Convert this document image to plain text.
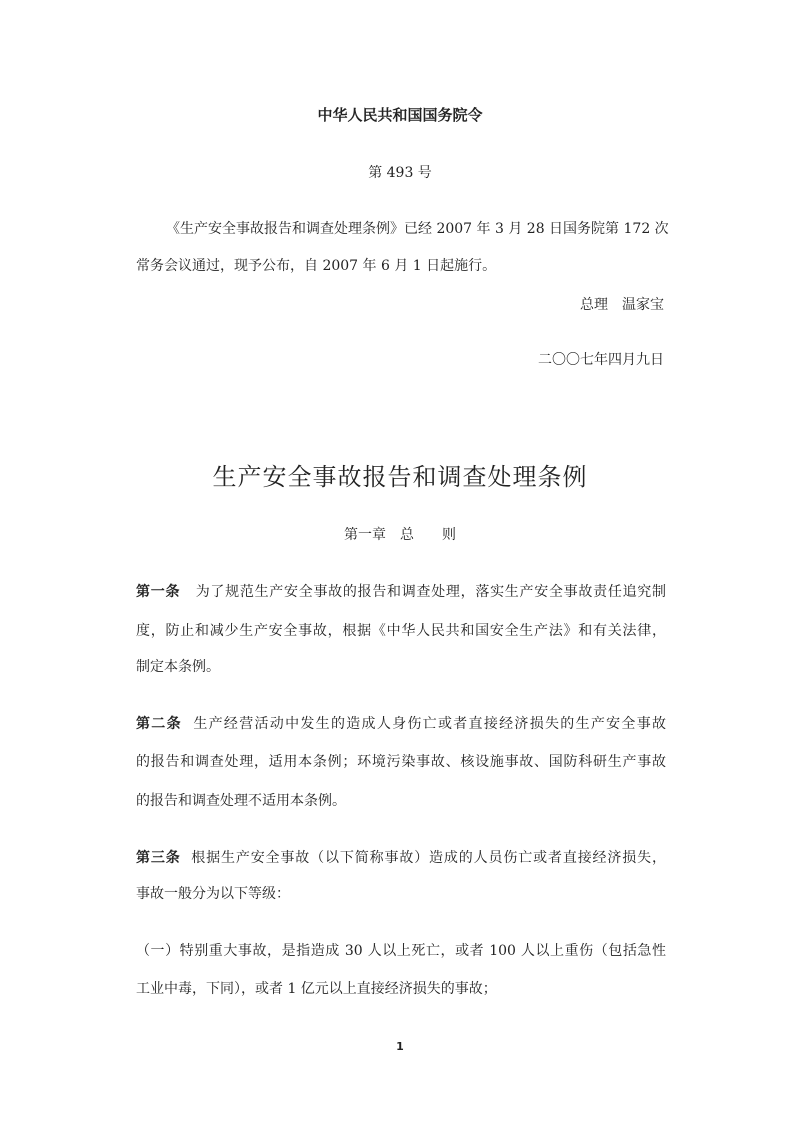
中华人民共和国国务院令
第 493 号
《生产安全事故报告和调查处理条例》已经 2007 年 3 月 28 日国务院第 172 次
常务会议通过，现予公布，自 2007 年 6 月 1 日起施行。
总理　温家宝
二〇〇七年四月九日
生产安全事故报告和调查处理条例
第一章 总 则
第一条 为了规范生产安全事故的报告和调查处理，落实生产安全事故责任追究制
度，防止和减少生产安全事故，根据《中华人民共和国安全生产法》和有关法律，
制定本条例。
第二条 生产经营活动中发生的造成人身伤亡或者直接经济损失的生产安全事故
的报告和调查处理，适用本条例；环境污染事故、核设施事故、国防科研生产事故
的报告和调查处理不适用本条例。
第三条 根据生产安全事故（以下简称事故）造成的人员伤亡或者直接经济损失，
事故一般分为以下等级：
（一）特别重大事故，是指造成 30 人以上死亡，或者 100 人以上重伤（包括急性
工业中毒，下同），或者 1 亿元以上直接经济损失的事故；
1
